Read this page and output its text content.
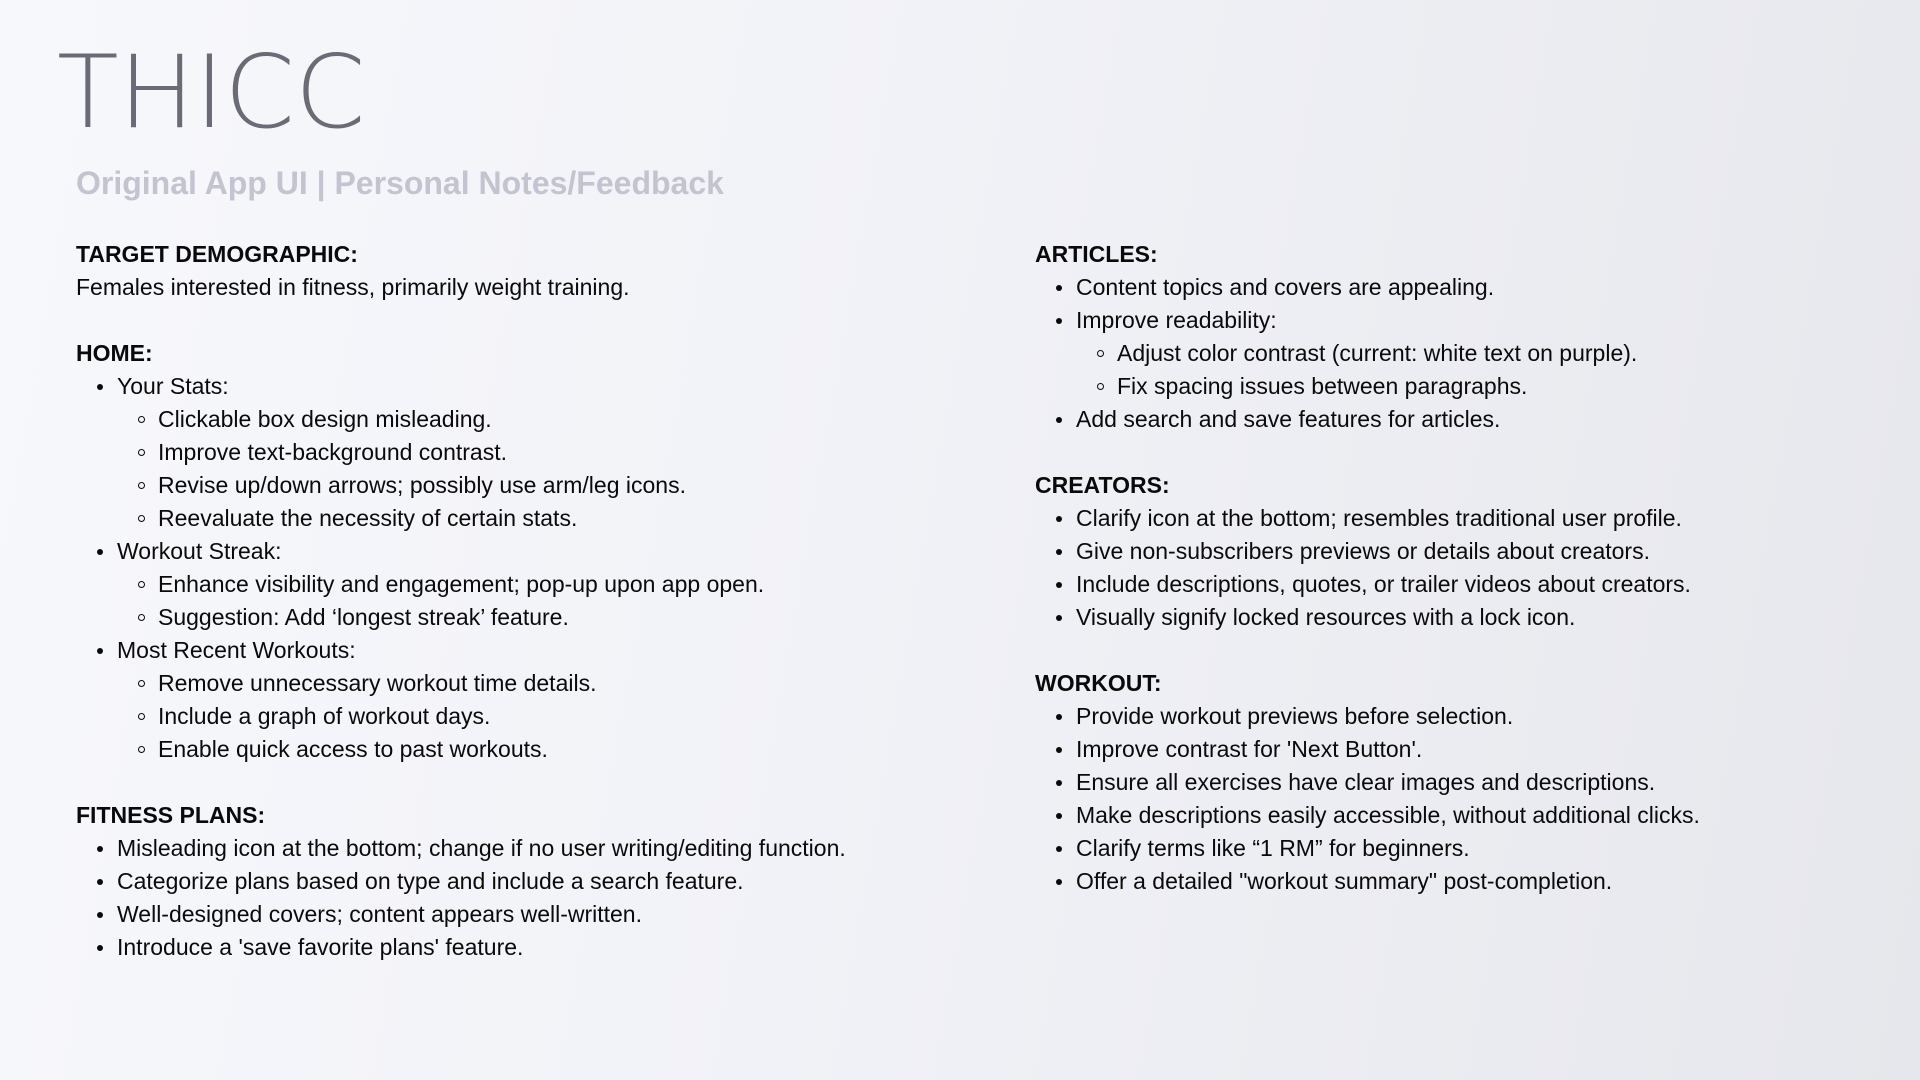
THICC
Original App UI | Personal Notes/Feedback
TARGET DEMOGRAPHIC:

Females interested in fitness, primarily weight training.

HOME:
Your Stats:
Clickable box design misleading.
Improve text-background contrast.
Revise up/down arrows; possibly use arm/leg icons.
Reevaluate the necessity of certain stats.
Workout Streak:
Enhance visibility and engagement; pop-up upon app open.
Suggestion: Add ‘longest streak’ feature.
Most Recent Workouts:
Remove unnecessary workout time details.
Include a graph of workout days.
Enable quick access to past workouts.
FITNESS PLANS:
Misleading icon at the bottom; change if no user writing/editing function.
Categorize plans based on type and include a search feature.
Well-designed covers; content appears well-written.
Introduce a 'save favorite plans' feature.
ARTICLES:
Content topics and covers are appealing.
Improve readability:
Adjust color contrast (current: white text on purple).
Fix spacing issues between paragraphs.
Add search and save features for articles.
CREATORS:
Clarify icon at the bottom; resembles traditional user profile.
Give non-subscribers previews or details about creators.
Include descriptions, quotes, or trailer videos about creators.
Visually signify locked resources with a lock icon.
WORKOUT:
Provide workout previews before selection.
Improve contrast for 'Next Button'.
Ensure all exercises have clear images and descriptions.
Make descriptions easily accessible, without additional clicks.
Clarify terms like “1 RM” for beginners.
Offer a detailed "workout summary" post-completion.
